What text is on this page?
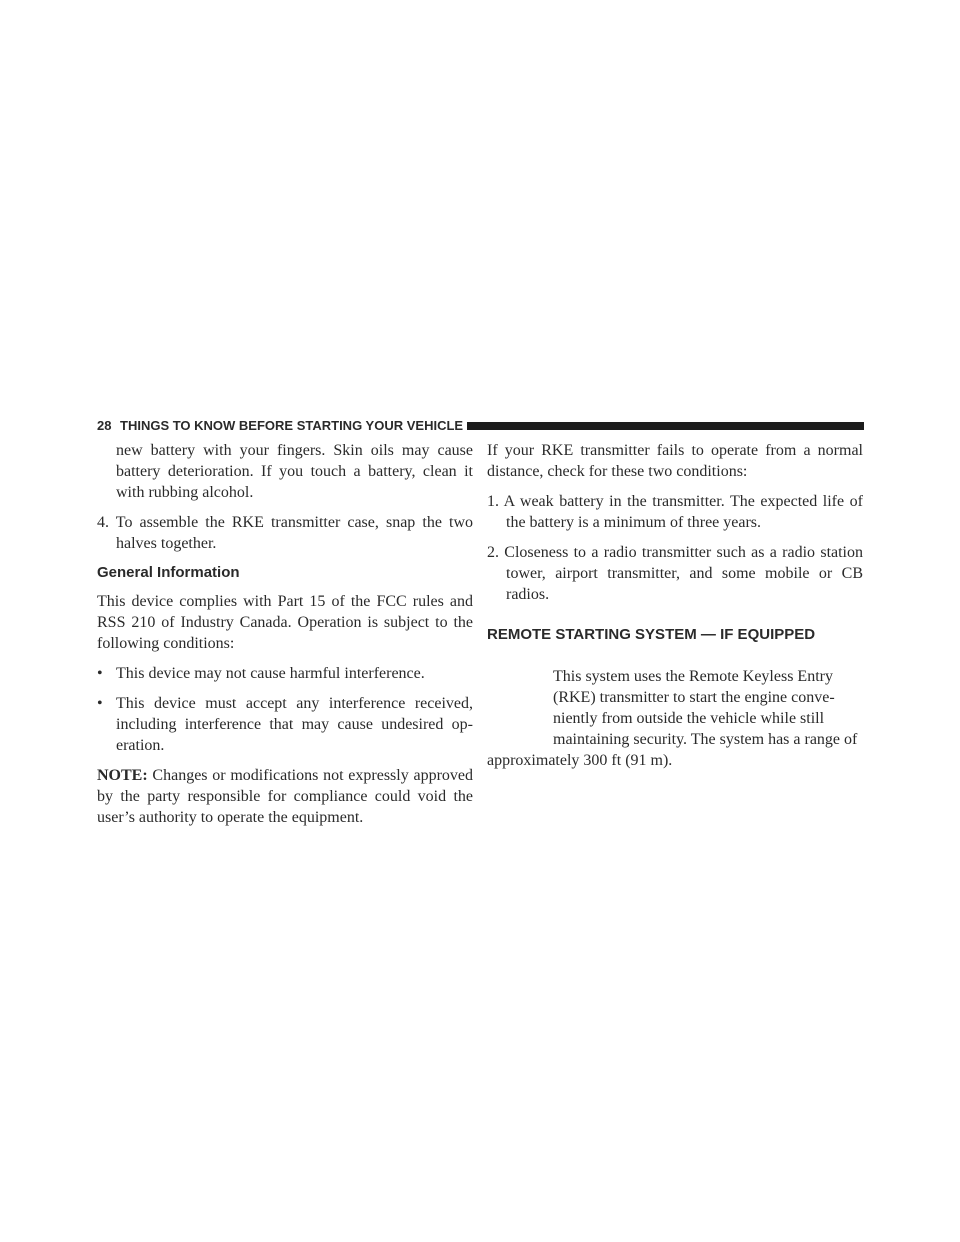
28 THINGS TO KNOW BEFORE STARTING YOUR VEHICLE

new battery with your fingers. Skin oils may cause battery deterioration. If you touch a battery, clean it with rubbing alcohol.

4. To assemble the RKE transmitter case, snap the two halves together.

General Information

This device complies with Part 15 of the FCC rules and RSS 210 of Industry Canada. Operation is subject to the following conditions:

• This device may not cause harmful interference.

• This device must accept any interference received, including interference that may cause undesired op-eration.

NOTE: Changes or modifications not expressly approved by the party responsible for compliance could void the user’s authority to operate the equipment.

If your RKE transmitter fails to operate from a normal distance, check for these two conditions:

1. A weak battery in the transmitter. The expected life of the battery is a minimum of three years.

2. Closeness to a radio transmitter such as a radio station tower, airport transmitter, and some mobile or CB radios.

REMOTE STARTING SYSTEM — IF EQUIPPED
This system uses the Remote Keyless Entry
(RKE) transmitter to start the engine conve-
niently from outside the vehicle while still
maintaining security. The system has a range of
approximately 300 ft (91 m).
